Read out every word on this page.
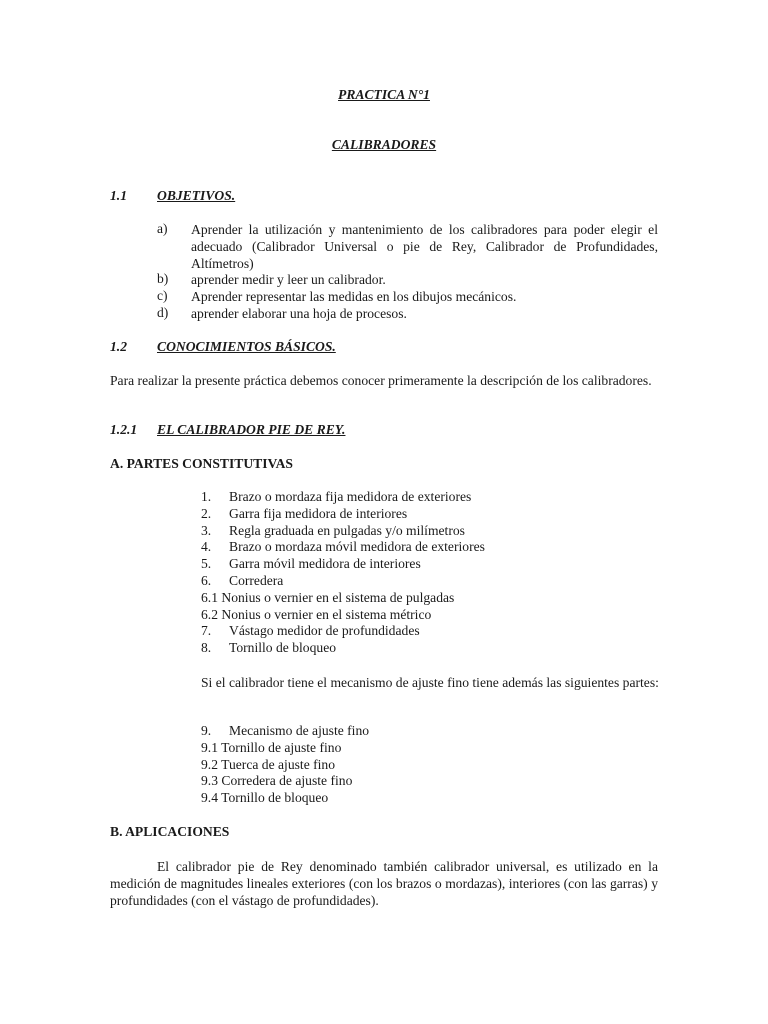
PRACTICA N°1
CALIBRADORES
1.1 OBJETIVOS.
a) Aprender la utilización y mantenimiento de los calibradores para poder elegir el adecuado (Calibrador Universal o pie de Rey, Calibrador de Profundidades, Altímetros)
b) aprender medir y leer un calibrador.
c) Aprender representar las medidas en los dibujos mecánicos.
d) aprender elaborar una hoja de procesos.
1.2 CONOCIMIENTOS BÁSICOS.
Para realizar la presente práctica debemos conocer primeramente la descripción de los calibradores.
1.2.1 EL CALIBRADOR PIE DE REY.
A. PARTES CONSTITUTIVAS
1. Brazo o mordaza fija medidora de exteriores
2. Garra fija medidora de interiores
3. Regla graduada en pulgadas y/o milímetros
4. Brazo o mordaza móvil medidora de exteriores
5. Garra móvil medidora de interiores
6. Corredera
6.1 Nonius o vernier en el sistema de pulgadas
6.2 Nonius o vernier en el sistema métrico
7. Vástago medidor de profundidades
8. Tornillo de bloqueo
Si el calibrador tiene el mecanismo de ajuste fino tiene además las siguientes partes:
9. Mecanismo de ajuste fino
9.1 Tornillo de ajuste fino
9.2 Tuerca de ajuste fino
9.3 Corredera de ajuste fino
9.4 Tornillo de bloqueo
B. APLICACIONES
El calibrador pie de Rey denominado también calibrador universal, es utilizado en la medición de magnitudes lineales exteriores (con los brazos o mordazas), interiores (con las garras) y profundidades (con el vástago de profundidades).
